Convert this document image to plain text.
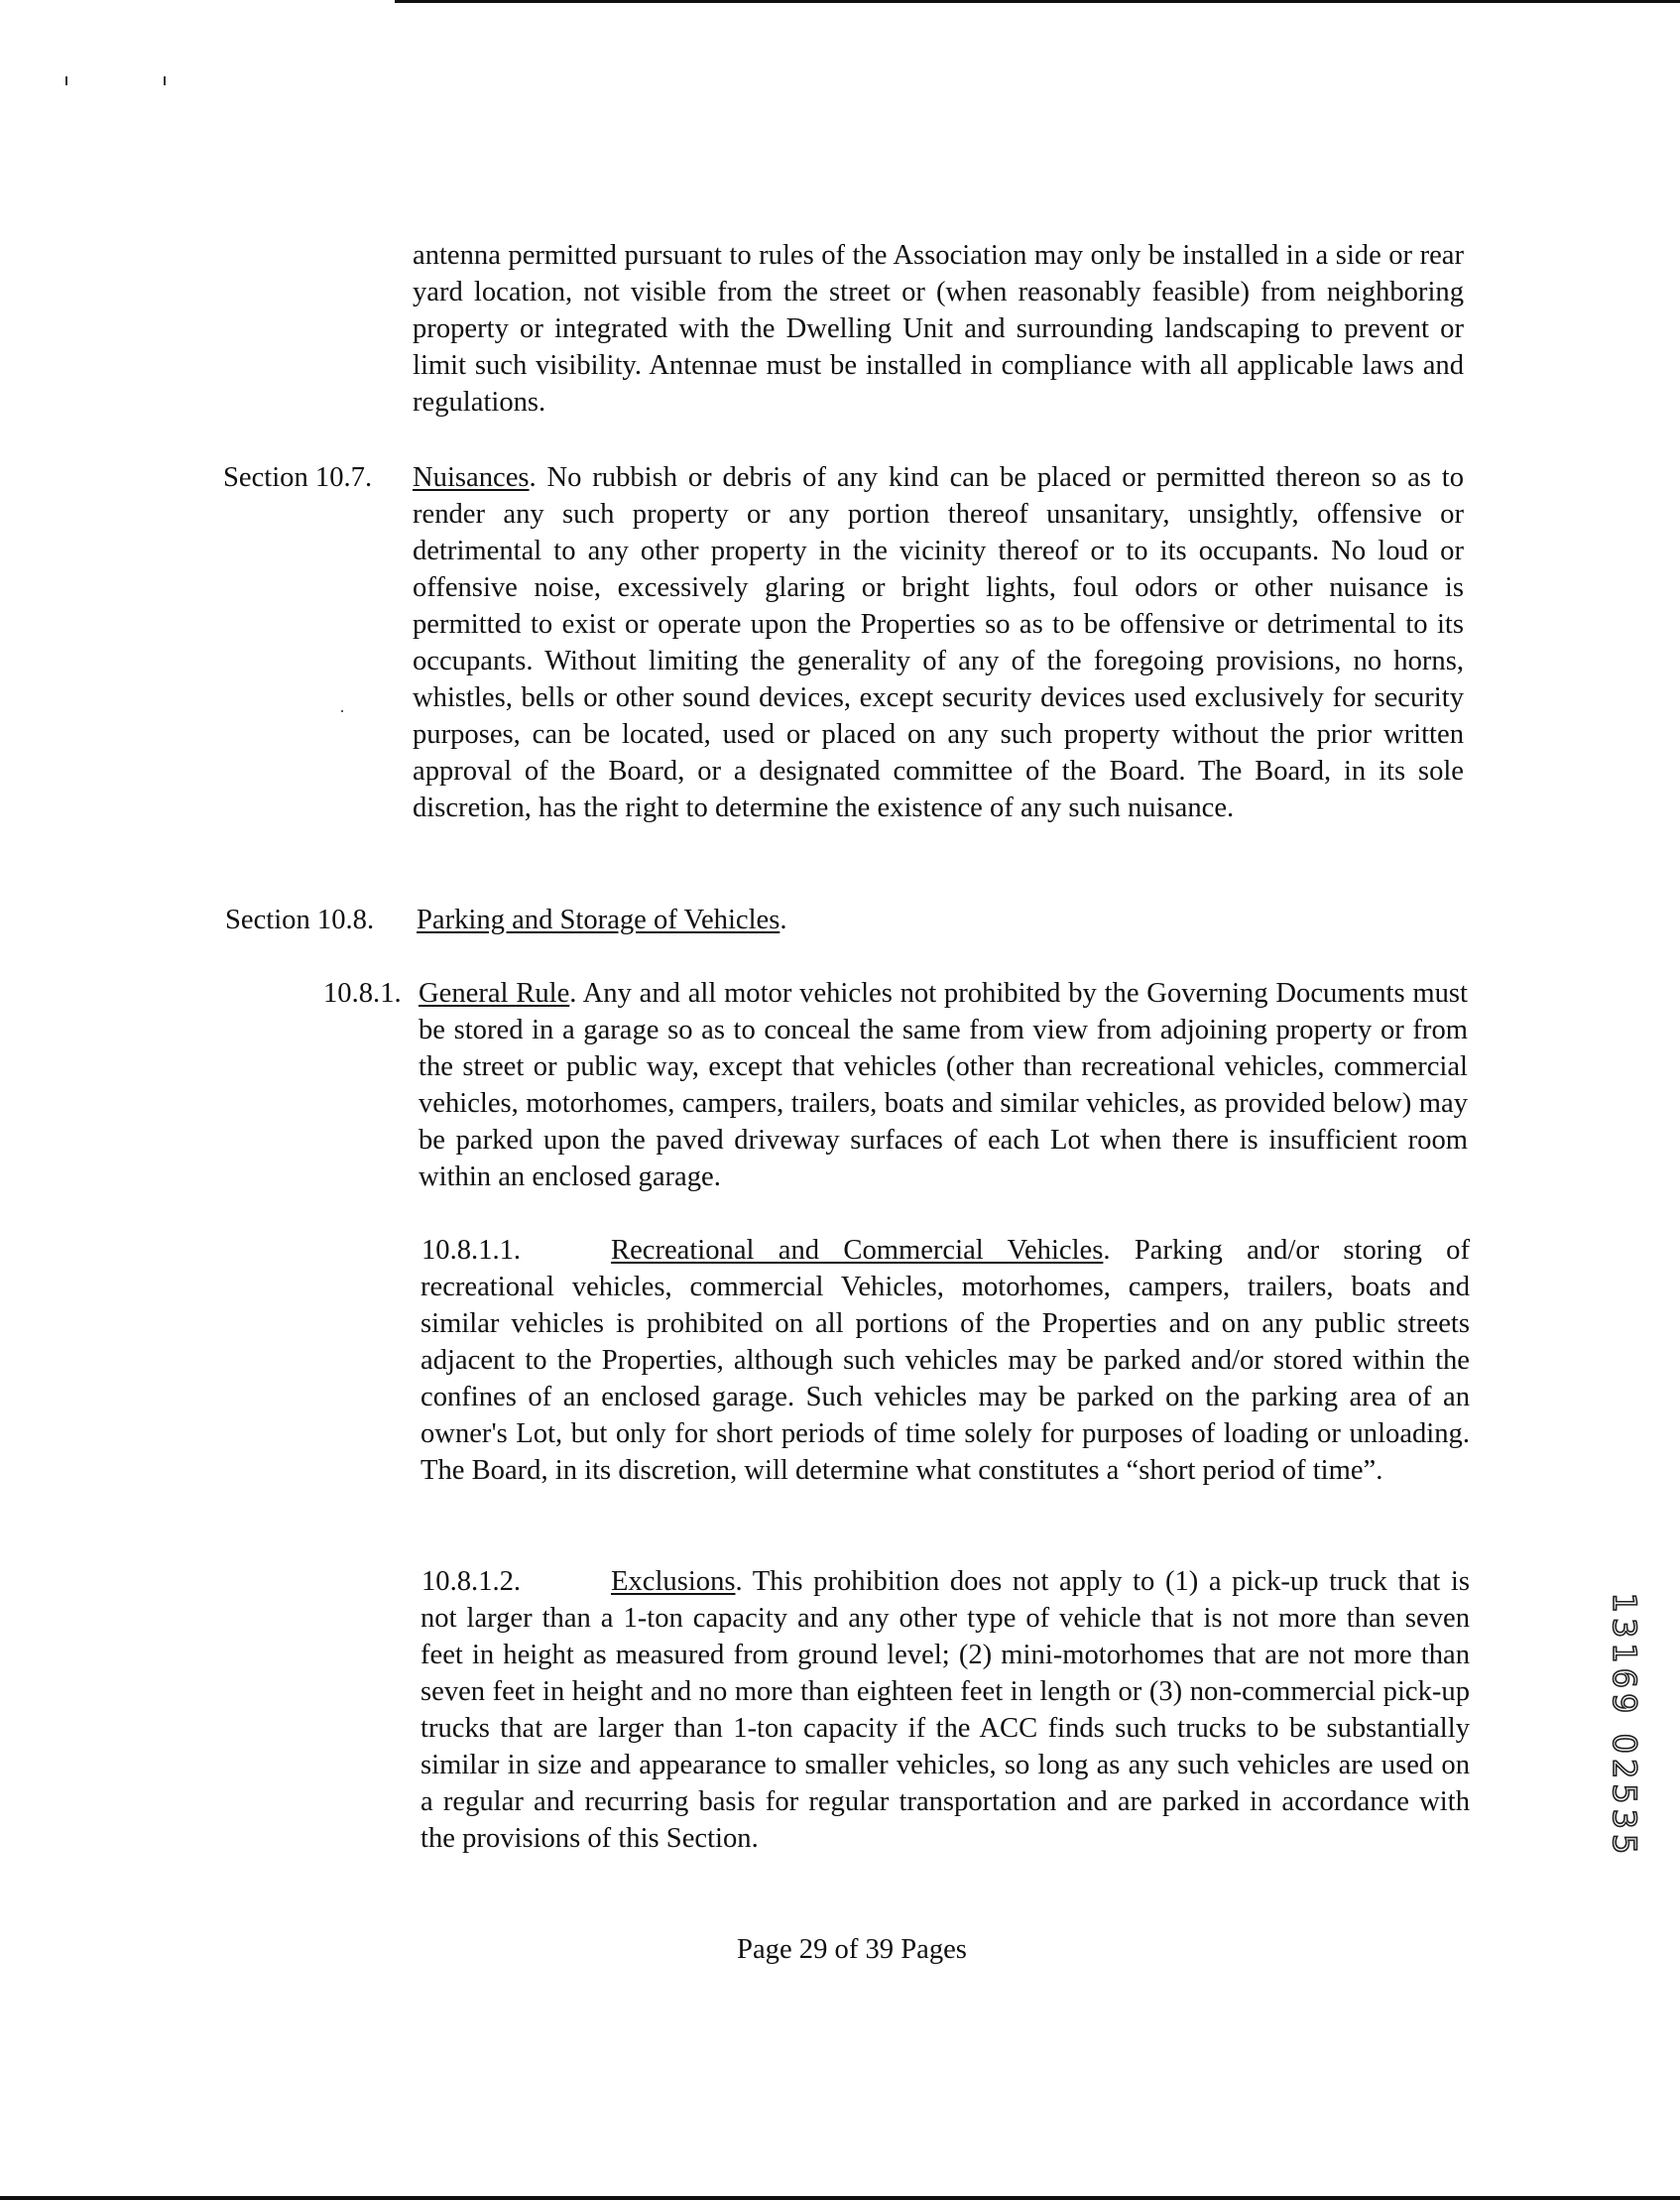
antenna permitted pursuant to rules of the Association may only be installed in a side or rear yard location, not visible from the street or (when reasonably feasible) from neighboring property or integrated with the Dwelling Unit and surrounding landscaping to prevent or limit such visibility. Antennae must be installed in compliance with all applicable laws and regulations.

Section 10.7. Nuisances. No rubbish or debris of any kind can be placed or permitted thereon so as to render any such property or any portion thereof unsanitary, unsightly, offensive or detrimental to any other property in the vicinity thereof or to its occupants. No loud or offensive noise, excessively glaring or bright lights, foul odors or other nuisance is permitted to exist or operate upon the Properties so as to be offensive or detrimental to its occupants. Without limiting the generality of any of the foregoing provisions, no horns, whistles, bells or other sound devices, except security devices used exclusively for security purposes, can be located, used or placed on any such property without the prior written approval of the Board, or a designated committee of the Board. The Board, in its sole discretion, has the right to determine the existence of any such nuisance.

Section 10.8. Parking and Storage of Vehicles.

10.8.1. General Rule. Any and all motor vehicles not prohibited by the Governing Documents must be stored in a garage so as to conceal the same from view from adjoining property or from the street or public way, except that vehicles (other than recreational vehicles, commercial vehicles, motorhomes, campers, trailers, boats and similar vehicles, as provided below) may be parked upon the paved driveway surfaces of each Lot when there is insufficient room within an enclosed garage.

10.8.1.1.	Recreational and Commercial Vehicles. Parking and/or storing of recreational vehicles, commercial Vehicles, motorhomes, campers, trailers, boats and similar vehicles is prohibited on all portions of the Properties and on any public streets adjacent to the Properties, although such vehicles may be parked and/or stored within the confines of an enclosed garage. Such vehicles may be parked on the parking area of an owner's Lot, but only for short periods of time solely for purposes of loading or unloading. The Board, in its discretion, will determine what constitutes a “short period of time”.

10.8.1.2.	Exclusions. This prohibition does not apply to (1) a pick-up truck that is not larger than a 1-ton capacity and any other type of vehicle that is not more than seven feet in height as measured from ground level; (2) mini-motorhomes that are not more than seven feet in height and no more than eighteen feet in length or (3) non-commercial pick-up trucks that are larger than 1-ton capacity if the ACC finds such trucks to be substantially similar in size and appearance to smaller vehicles, so long as any such vehicles are used on a regular and recurring basis for regular transportation and are parked in accordance with the provisions of this Section.	13169 02535
Page 29 of 39 Pages
